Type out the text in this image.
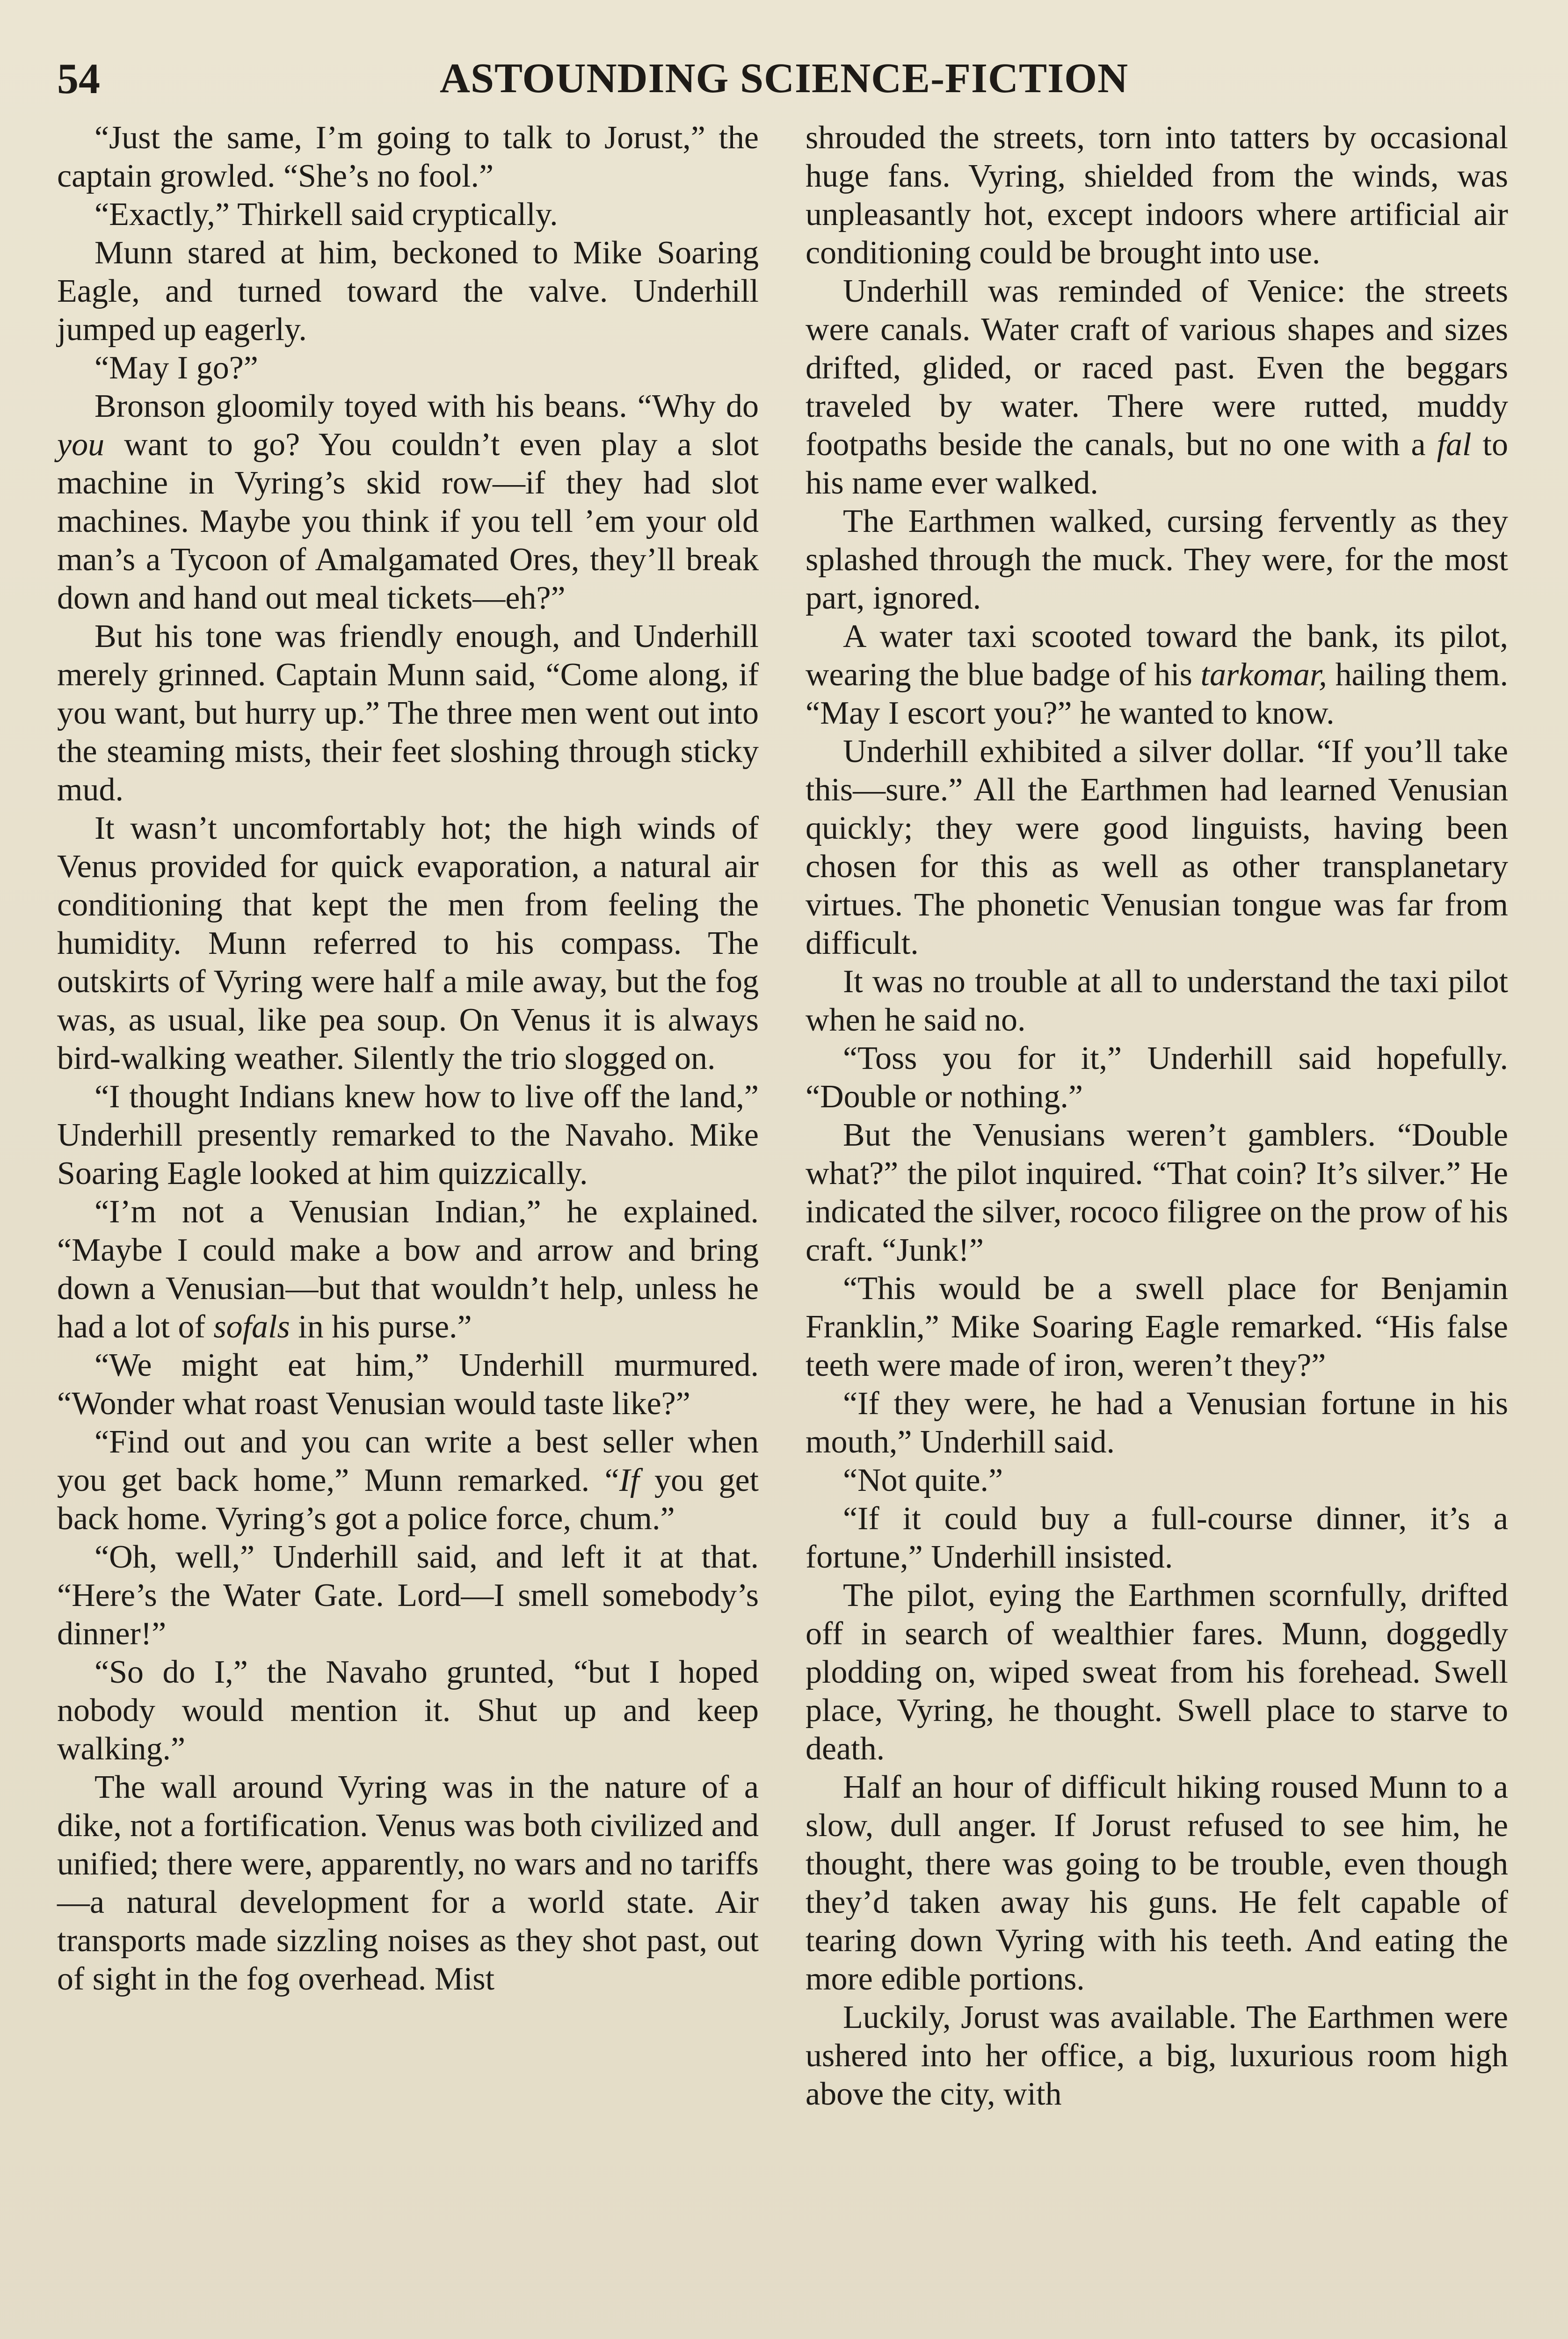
54	ASTOUNDING SCIENCE-FICTION

“Just the same, I’m going to talk to Jorust,” the captain growled. “She’s no fool.”

“Exactly,” Thirkell said cryptically.

Munn stared at him, beckoned to Mike Soaring Eagle, and turned toward the valve. Underhill jumped up eagerly.

“May I go?”

Bronson gloomily toyed with his beans. “Why do you want to go? You couldn’t even play a slot machine in Vyring’s skid row—if they had slot machines. Maybe you think if you tell ’em your old man’s a Tycoon of Amalgamated Ores, they’ll break down and hand out meal tickets—eh?”

But his tone was friendly enough, and Underhill merely grinned. Captain Munn said, “Come along, if you want, but hurry up.” The three men went out into the steaming mists, their feet sloshing through sticky mud.

It wasn’t uncomfortably hot; the high winds of Venus provided for quick evaporation, a natural air conditioning that kept the men from feeling the humidity. Munn referred to his compass. The outskirts of Vyring were half a mile away, but the fog was, as usual, like pea soup. On Venus it is always bird-walking weather. Silently the trio slogged on.

“I thought Indians knew how to live off the land,” Underhill presently remarked to the Navaho. Mike Soaring Eagle looked at him quizzically.

“I’m not a Venusian Indian,” he explained. “Maybe I could make a bow and arrow and bring down a Venusian—but that wouldn’t help, unless he had a lot of sofals in his purse.”

“We might eat him,” Underhill murmured. “Wonder what roast Venusian would taste like?”

“Find out and you can write a best seller when you get back home,” Munn remarked. “If you get back home. Vyring’s got a police force, chum.”

“Oh, well,” Underhill said, and left it at that. “Here’s the Water Gate. Lord—I smell somebody’s dinner!”

“So do I,” the Navaho grunted, “but I hoped nobody would mention it. Shut up and keep walking.”

The wall around Vyring was in the nature of a dike, not a fortification. Venus was both civilized and unified; there were, apparently, no wars and no tariffs—a natural development for a world state. Air transports made sizzling noises as they shot past, out of sight in the fog overhead. Mist

shrouded the streets, torn into tatters by occasional huge fans. Vyring, shielded from the winds, was unpleasantly hot, except indoors where artificial air conditioning could be brought into use.

Underhill was reminded of Venice: the streets were canals. Water craft of various shapes and sizes drifted, glided, or raced past. Even the beggars traveled by water. There were rutted, muddy footpaths beside the canals, but no one with a fal to his name ever walked.

The Earthmen walked, cursing fervently as they splashed through the muck. They were, for the most part, ignored.

A water taxi scooted toward the bank, its pilot, wearing the blue badge of his tarkomar, hailing them. “May I escort you?” he wanted to know.

Underhill exhibited a silver dollar. “If you’ll take this—sure.” All the Earthmen had learned Venusian quickly; they were good linguists, having been chosen for this as well as other transplanetary virtues. The phonetic Venusian tongue was far from difficult.

It was no trouble at all to understand the taxi pilot when he said no.

“Toss you for it,” Underhill said hopefully. “Double or nothing.”

But the Venusians weren’t gamblers. “Double what?” the pilot inquired. “That coin? It’s silver.” He indicated the silver, rococo filigree on the prow of his craft. “Junk!”

“This would be a swell place for Benjamin Franklin,” Mike Soaring Eagle remarked. “His false teeth were made of iron, weren’t they?”

“If they were, he had a Venusian fortune in his mouth,” Underhill said.

“Not quite.”

“If it could buy a full-course dinner, it’s a fortune,” Underhill insisted.

The pilot, eying the Earthmen scornfully, drifted off in search of wealthier fares. Munn, doggedly plodding on, wiped sweat from his forehead. Swell place, Vyring, he thought. Swell place to starve to death.

Half an hour of difficult hiking roused Munn to a slow, dull anger. If Jorust refused to see him, he thought, there was going to be trouble, even though they’d taken away his guns. He felt capable of tearing down Vyring with his teeth. And eating the more edible portions.

Luckily, Jorust was available. The Earthmen were ushered into her office, a big, luxurious room high above the city, with
